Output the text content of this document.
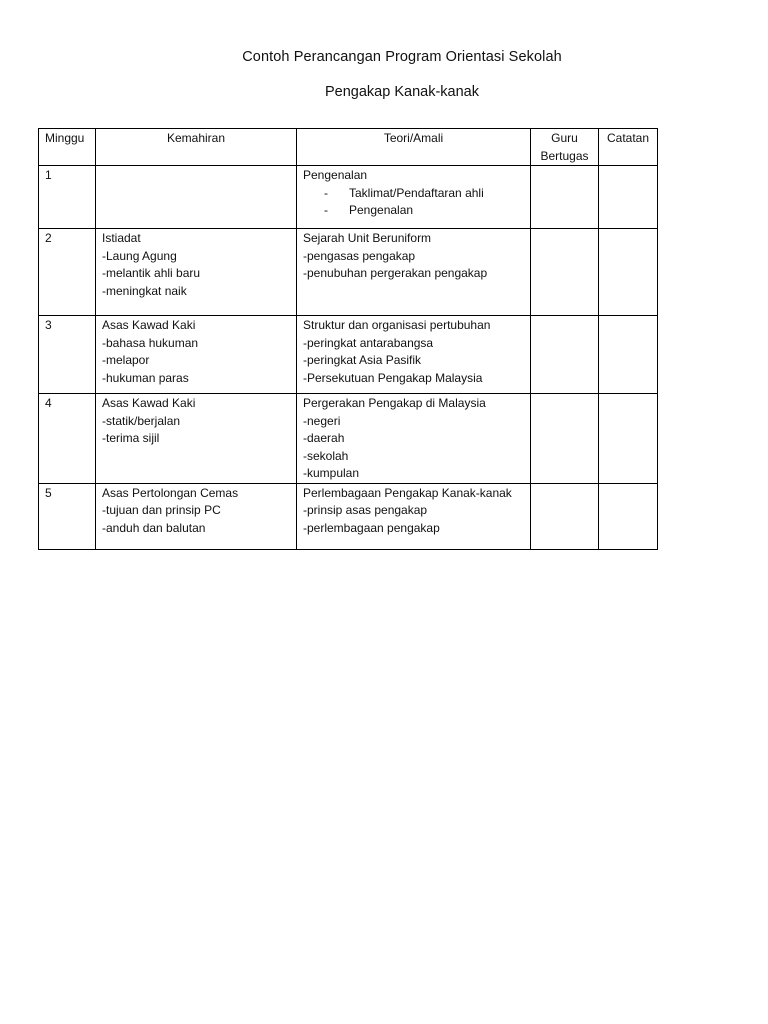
Contoh Perancangan Program Orientasi Sekolah
Pengakap Kanak-kanak
Minggu	Kemahiran	Teori/Amali	Guru Bertugas	Catatan
1		Pengenalan
- Taklimat/Pendaftaran ahli
- Pengenalan		

2	Istiadat
-Laung Agung
-melantik ahli baru
-meningkat naik	Sejarah Unit Beruniform
-pengasas pengakap
-penubuhan pergerakan pengakap		

3	Asas Kawad Kaki
-bahasa hukuman
-melapor
-hukuman paras	Struktur dan organisasi pertubuhan
-peringkat antarabangsa
-peringkat Asia Pasifik
-Persekutuan Pengakap Malaysia		

4	Asas Kawad Kaki
-statik/berjalan
-terima sijil	Pergerakan Pengakap di Malaysia
-negeri
-daerah
-sekolah
-kumpulan		

5	Asas Pertolongan Cemas
-tujuan dan prinsip PC
-anduh dan balutan	Perlembagaan Pengakap Kanak-kanak
-prinsip asas pengakap
-perlembagaan pengakap		
